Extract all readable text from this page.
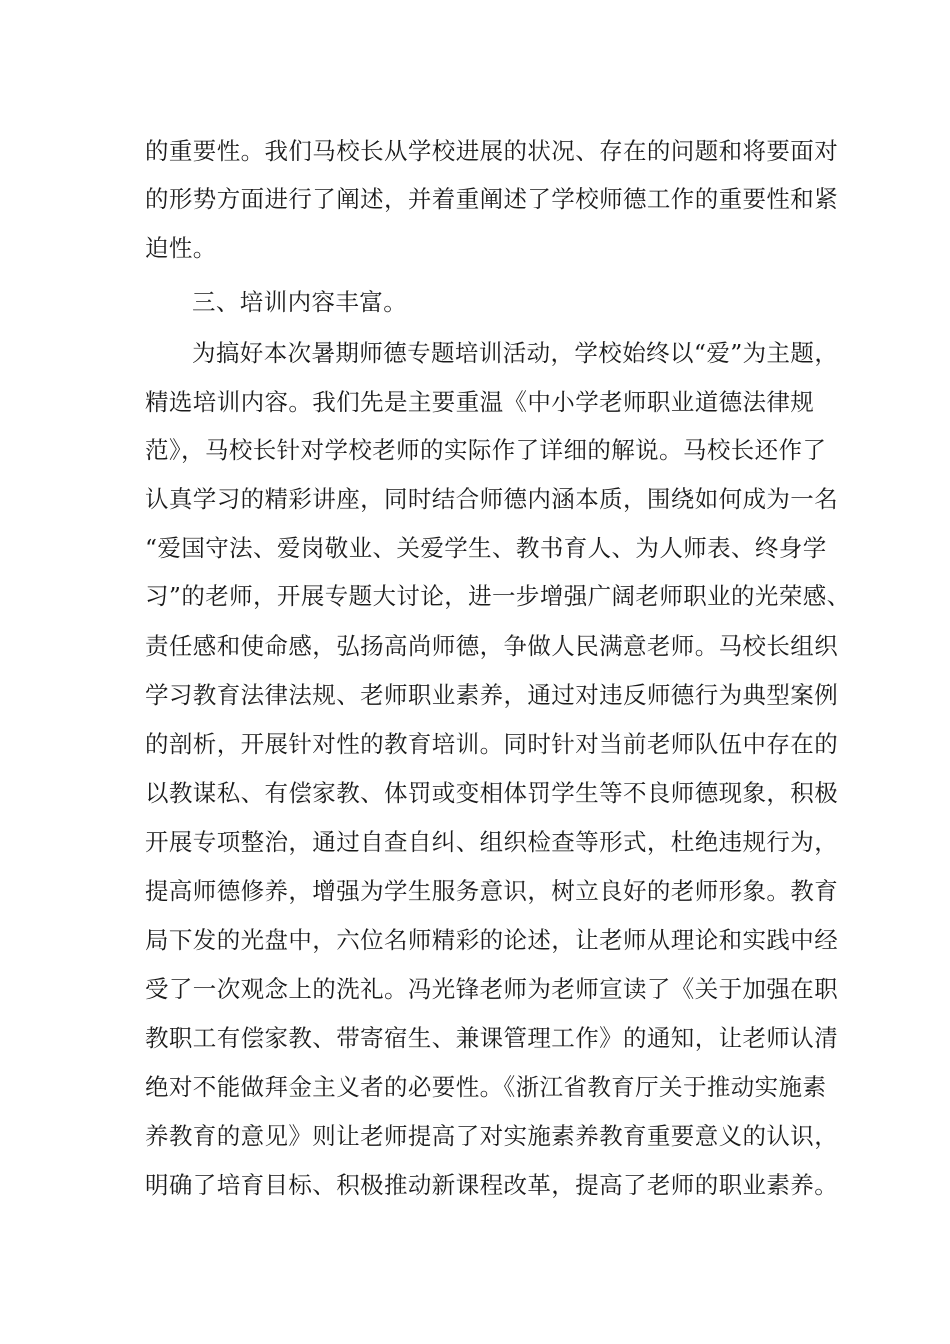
的重要性。我们马校长从学校进展的状况、存在的问题和将要面对
的形势方面进行了阐述，并着重阐述了学校师德工作的重要性和紧
迫性。
三、培训内容丰富。
为搞好本次暑期师德专题培训活动，学校始终以“爱”为主题，
精选培训内容。我们先是主要重温《中小学老师职业道德法律规
范》，马校长针对学校老师的实际作了详细的解说。马校长还作了
认真学习的精彩讲座，同时结合师德内涵本质，围绕如何成为一名
“爱国守法、爱岗敬业、关爱学生、教书育人、为人师表、终身学
习”的老师，开展专题大讨论，进一步增强广阔老师职业的光荣感、
责任感和使命感，弘扬高尚师德，争做人民满意老师。马校长组织
学习教育法律法规、老师职业素养，通过对违反师德行为典型案例
的剖析，开展针对性的教育培训。同时针对当前老师队伍中存在的
以教谋私、有偿家教、体罚或变相体罚学生等不良师德现象，积极
开展专项整治，通过自查自纠、组织检查等形式，杜绝违规行为，
提高师德修养，增强为学生服务意识，树立良好的老师形象。教育
局下发的光盘中，六位名师精彩的论述，让老师从理论和实践中经
受了一次观念上的洗礼。冯光锋老师为老师宣读了《关于加强在职
教职工有偿家教、带寄宿生、兼课管理工作》的通知，让老师认清
绝对不能做拜金主义者的必要性。《浙江省教育厅关于推动实施素
养教育的意见》则让老师提高了对实施素养教育重要意义的认识，
明确了培育目标、积极推动新课程改革，提高了老师的职业素养。
